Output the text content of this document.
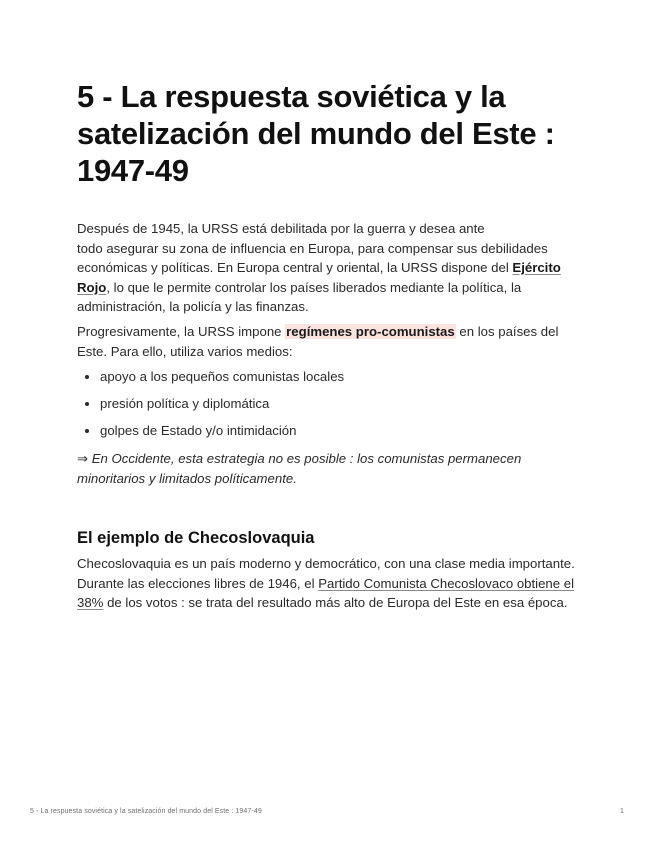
5 - La respuesta soviética y la satelización del mundo del Este : 1947-49

Después de 1945, la URSS está debilitada por la guerra y desea ante
todo asegurar su zona de influencia en Europa, para compensar sus debilidades económicas y políticas. En Europa central y oriental, la URSS dispone del Ejército Rojo, lo que le permite controlar los países liberados mediante la política, la administración, la policía y las finanzas.

Progresivamente, la URSS impone regímenes pro-comunistas en los países del Este. Para ello, utiliza varios medios:

apoyo a los pequeños comunistas locales
presión política y diplomática
golpes de Estado y/o intimidación

⇒ En Occidente, esta estrategia no es posible : los comunistas permanecen minoritarios y limitados políticamente.

El ejemplo de Checoslovaquia

Checoslovaquia es un país moderno y democrático, con una clase media importante. Durante las elecciones libres de 1946, el Partido Comunista Checoslovaco obtiene el 38% de los votos : se trata del resultado más alto de Europa del Este en esa época.

5 - La respuesta soviética y la satelización del mundo del Este : 1947-49	1
